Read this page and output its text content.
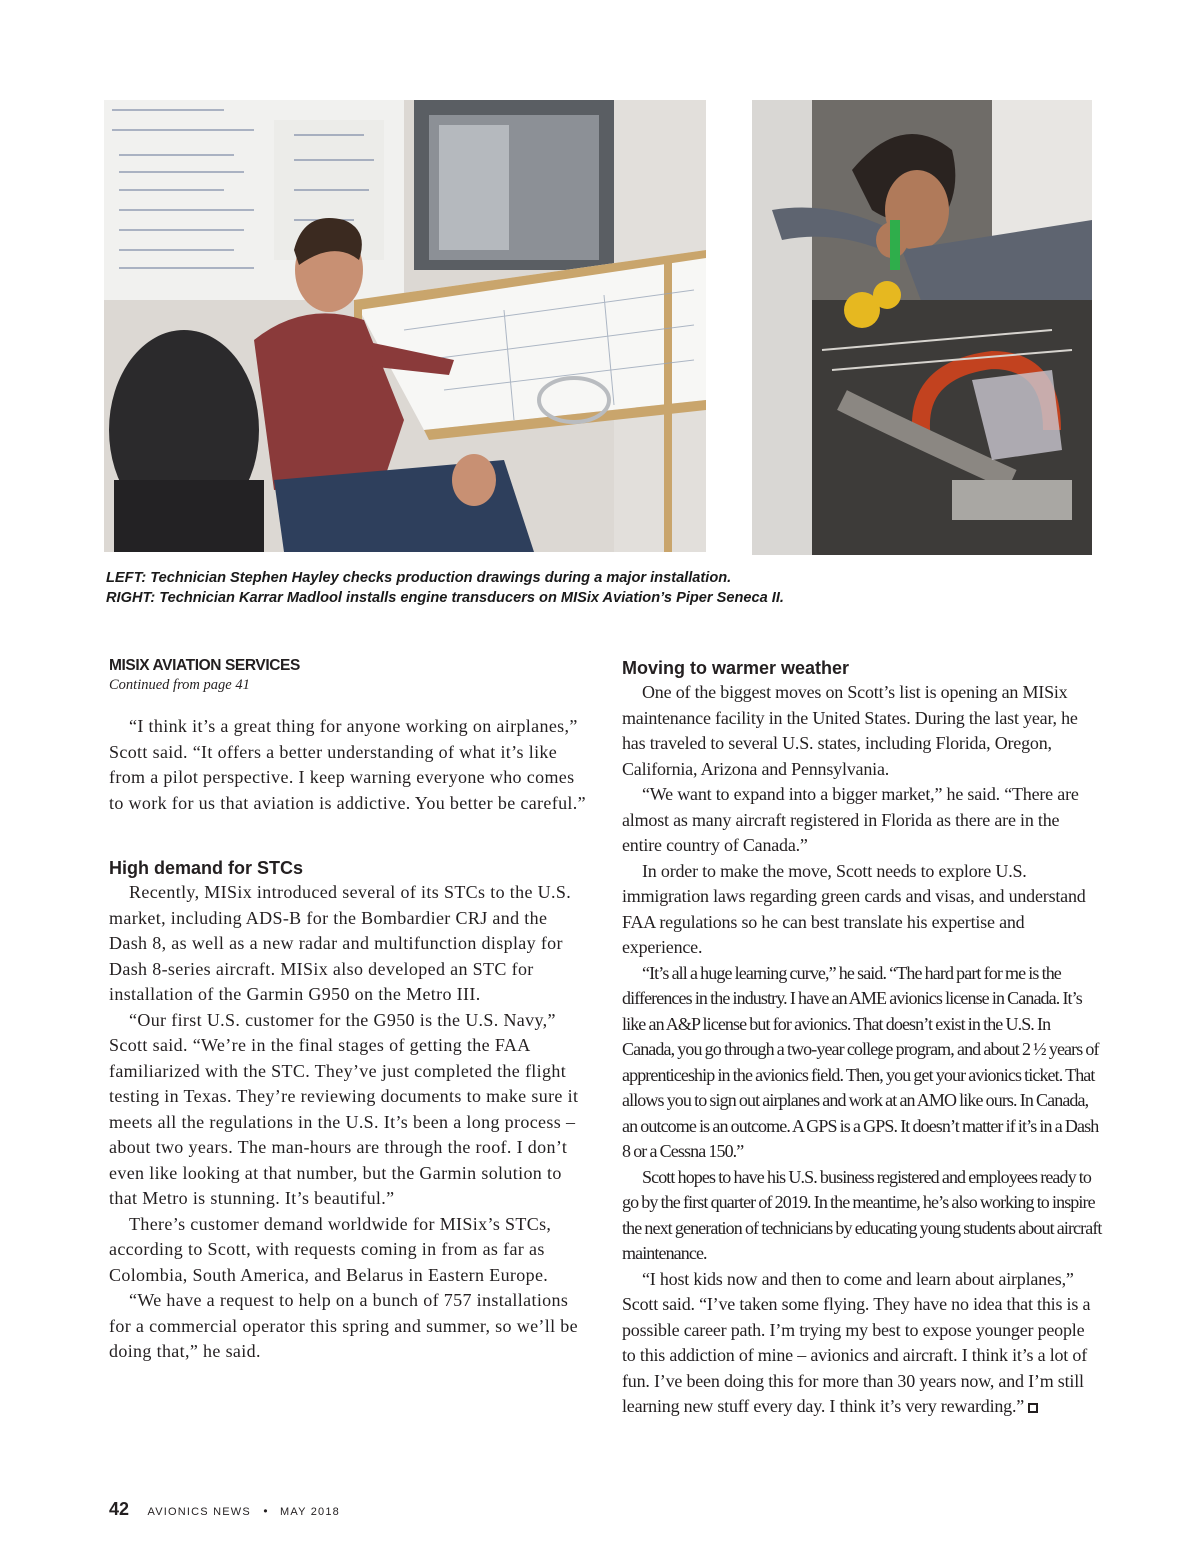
LEFT: Technician Stephen Hayley checks production drawings during a major installation.
RIGHT: Technician Karrar Madlool installs engine transducers on MISix Aviation’s Piper Seneca II.

MISIX AVIATION SERVICES

Continued from page 41

“I think it’s a great thing for anyone working on airplanes,” Scott said. “It offers a better understanding of what it’s like from a pilot perspective. I keep warning everyone who comes to work for us that aviation is addictive. You better be careful.”

High demand for STCs

Recently, MISix introduced several of its STCs to the U.S. market, including ADS-B for the Bombardier CRJ and the Dash 8, as well as a new radar and multifunction display for Dash 8-series aircraft. MISix also developed an STC for installation of the Garmin G950 on the Metro III.

“Our first U.S. customer for the G950 is the U.S. Navy,” Scott said. “We’re in the final stages of getting the FAA familiarized with the STC. They’ve just completed the flight testing in Texas. They’re reviewing documents to make sure it meets all the regulations in the U.S. It’s been a long process – about two years. The man-hours are through the roof. I don’t even like looking at that number, but the Garmin solution to that Metro is stunning. It’s beautiful.”

There’s customer demand worldwide for MISix’s STCs, according to Scott, with requests coming in from as far as Colombia, South America, and Belarus in Eastern Europe.

“We have a request to help on a bunch of 757 installations for a commercial operator this spring and summer, so we’ll be doing that,” he said.

Moving to warmer weather

One of the biggest moves on Scott’s list is opening an MISix maintenance facility in the United States. During the last year, he has traveled to several U.S. states, including Florida, Oregon, California, Arizona and Pennsylvania.

“We want to expand into a bigger market,” he said. “There are almost as many aircraft registered in Florida as there are in the entire country of Canada.”

In order to make the move, Scott needs to explore U.S. immigration laws regarding green cards and visas, and understand FAA regulations so he can best translate his expertise and experience.

“It’s all a huge learning curve,” he said. “The hard part for me is the differences in the industry. I have an AME avionics license in Canada. It’s like an A&P license but for avionics. That doesn’t exist in the U.S. In Canada, you go through a two-year college program, and about 2 ½ years of apprenticeship in the avionics field. Then, you get your avionics ticket. That allows you to sign out airplanes and work at an AMO like ours. In Canada, an outcome is an outcome. A GPS is a GPS. It doesn’t matter if it’s in a Dash 8 or a Cessna 150.”

Scott hopes to have his U.S. business registered and employees ready to go by the first quarter of 2019. In the meantime, he’s also working to inspire the next generation of technicians by educating young students about aircraft maintenance.

“I host kids now and then to come and learn about airplanes,” Scott said. “I’ve taken some flying. They have no idea that this is a possible career path. I’m trying my best to expose younger people to this addiction of mine – avionics and aircraft. I think it’s a lot of fun. I’ve been doing this for more than 30 years now, and I’m still learning new stuff every day. I think it’s very rewarding.”

42 AVIONICS NEWS • MAY 2018
